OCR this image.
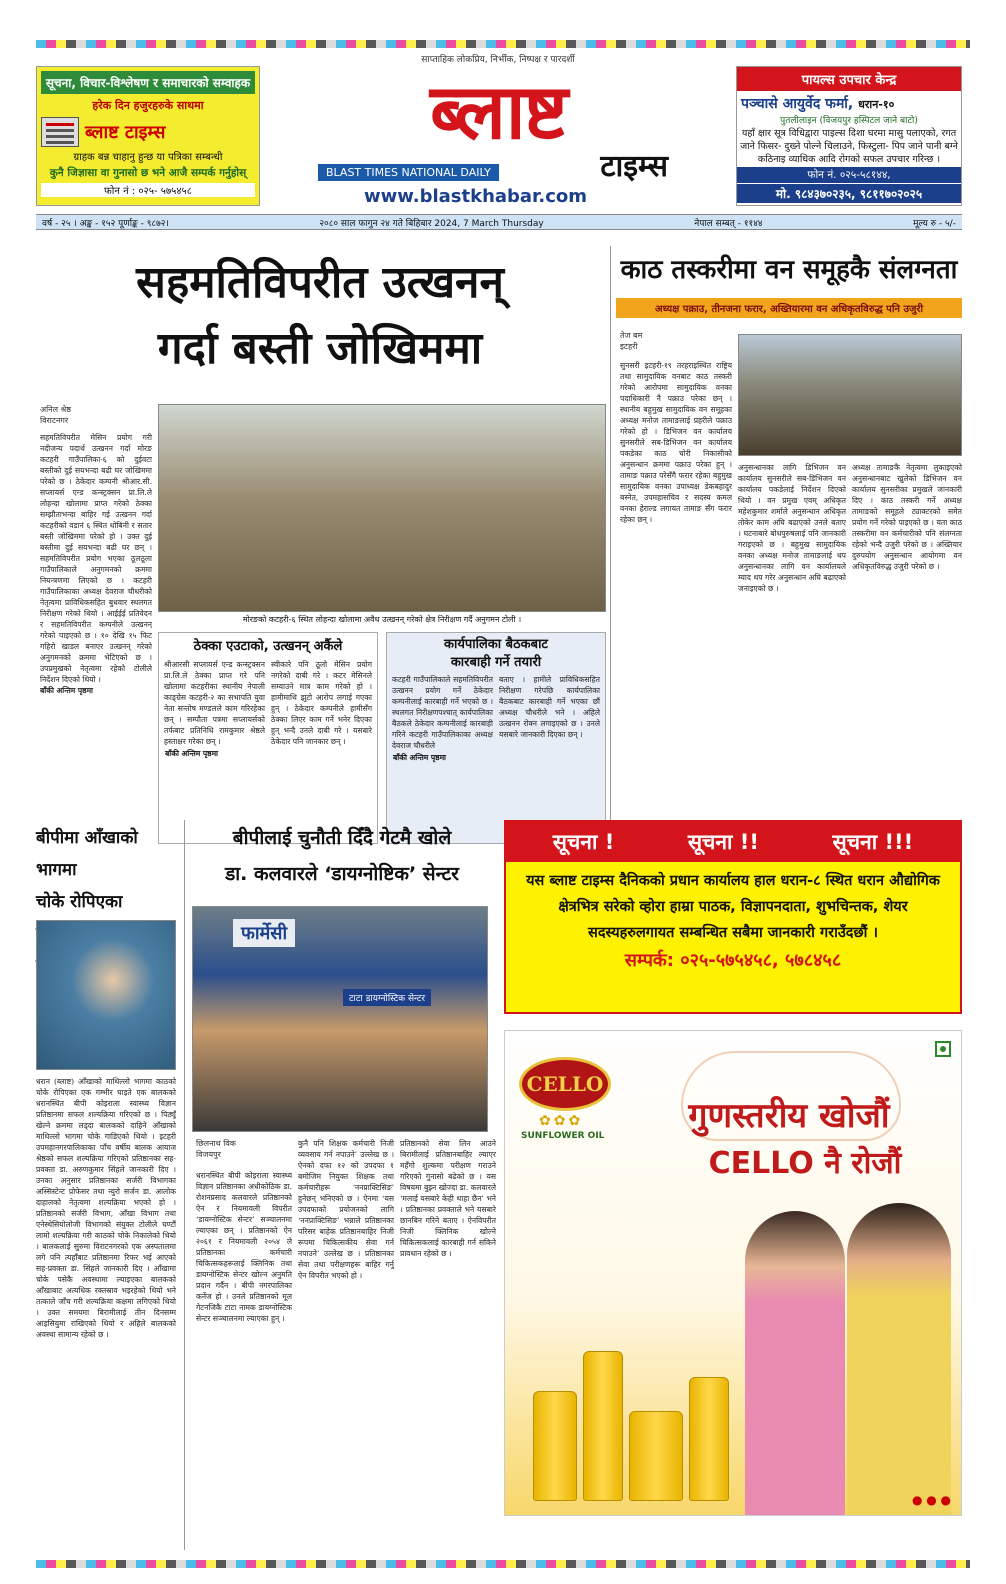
सूचना, विचार-विश्लेषण र समाचारको सम्वाहक
हरेक दिन हजुरहरुके साथमा
ब्लाष्ट टाइम्स
ग्राहक बन्न चाहानु हुन्छ या पत्रिका सम्बन्धी
कुनै जिज्ञासा वा गुनासो छ भने आजै सम्पर्क गर्नुहोस्
फोन नं : ०२५- ५७५४५८
साप्ताहिक लोकप्रिय, निर्भीक, निष्पक्ष र पारदर्शी
ब्लाष्ट
टाइम्स
BLAST TIMES NATIONAL DAILY
www.blastkhabar.com
पायल्स उपचार केन्द्र
पञ्चासे आयुर्वेद फर्मा, धरान-१०
पुतलीलाइन (विजयपुर हस्पिटल जाने बाटो)
यहाँ क्षार सूत्र विधिद्वारा पाइल्स दिशा घरमा मासु पलाएको, रगत जाने फिसर- दुख्ने पोल्ने चिलाउने, फिस्टुला- पिप जाने पानी बग्ने कठिनाइ व्याधिक आदि रोगको सफल उपचार गरिन्छ ।
फोन नं. ०२५-५८१४४,
मो. ९८४३७०२३५, ९८११७०२०२५
वर्ष - २५ । अङ्क - १५२ पूर्णाङ्क - ९८७२।	२०८० साल फागुन २४ गते बिहिबार 2024, 7 March Thursday	नेपाल सम्बत् - ११४४	मूल्य रु - ५/-
सहमतिविपरीत उत्खनन्
गर्दा बस्ती जोखिममा
अनिल श्रेष्ठ
विराटनगर

सहमतिविपरीत मेसिन प्रयोग गरी नदीजन्य पदार्थ उत्खनन गर्दा मोरङ कटहरी गाउँपालिका-६ को दुईवटा बस्तीको दुई सयभन्दा बढी घर जोखिममा परेको छ । ठेकेदार कम्पनी श्रीआर.सी. सप्लायर्स एन्ड कन्स्ट्रक्सन प्रा.लि.ले लोहन्दा खोलामा प्राप्त गरेको ठेक्का सम्झौताभन्दा बाहिर गई उत्खनन गर्दा कटहरीको वडानं ६ स्थित धोबिनी र सतार बस्ती जोखिममा परेको हो । उक्त दुई बस्तीमा दुई सयभन्दा बढी घर छन् । सहमतिविपरीत प्रयोग भएका ठूलठूला गाउँपालिकाले अनुगमनको क्रममा नियन्त्रणमा लिएको छ । कटहरी गाउँपालिकाका अध्यक्ष देवराज चौधरीको नेतृत्वमा प्राविधिकसहित बुधवार स्थलगत निरीक्षण गरेको थियो । आईईई प्रतिवेदन र सहमतिविपरीत कम्पनीले उत्खनन् गरेको पाइएको छ । १० देखि १५ फिट गहिरो खाडल बनाएर उत्खनन् गरेको अनुगमनको क्रममा भेटिएको छ । उपप्रमुखको नेतृत्वमा रहेको टोलीले निर्देशन दिएको थियो ।

बाँकी अन्तिम पृष्ठमा

मोरङको कटहरी-६ स्थित लोहन्दा खोलामा अवैध उत्खनन् गरेको क्षेत्र निरीक्षण गर्दै अनुगमन टोली ।
ठेक्का एउटाको, उत्खनन् अर्कैले
श्रीआरसी सप्लायर्स एन्ड कन्स्ट्रक्सन प्रा.लि.ले ठेक्का प्राप्त गरे पनि खोलामा कटहरीका स्थानीय नेपाली काङ्ग्रेस कटहरी-२ का सभापति युवा नेता सन्तोष मण्डलले काम गरिरहेका छन् । सम्पौता पत्रमा सप्लायर्सको तर्फबाट प्रतिनिधि रामकुमार श्रेष्ठले हस्ताक्षर गरेका छन् ।
स्वीकारे पनि ठूलो मेसिन प्रयोग नगरेको दाबी गरे । कटर मेसिनले सम्याउने मात्र काम गरेको हो । हामीमाथि झुटो आरोप लगाई गएका हुन् । ठेकेदार कम्पनीले हामीसँग ठेक्का लिएर काम गर्ने भनेर दिएका हुन् भन्दै उनले दाबी गरे । यसबारे ठेकेदार पनि जानकार छन् ।
बाँकी अन्तिम पृष्ठमा
कार्यपालिका बैठकबाट
कारबाही गर्ने तयारी
कटहरी गाउँपालिकाले सहमतिविपरीत उत्खनन प्रयोग गर्ने ठेकेदार कम्पनीलाई कारबाही गर्ने भएको छ । स्थलगत निरीक्षणपश्चात् कार्यपालिका बैठकले ठेकेदार कम्पनीलाई कारबाही गरिने कटहरी गाउँपालिकाका अध्यक्ष देवराज चौधरीले
बताए । हामीले प्राविधिकसहित निरीक्षण गरेपछि कार्यपालिका बैठकबाट कारबाही गर्ने भएका छौं अध्यक्ष चौधरीले भने । अहिले उत्खनन रोक्न लगाइएको छ । उनले यसबारे जानकारी दिएका छन् ।
बाँकी अन्तिम पृष्ठमा
काठ तस्करीमा वन समूहकै संलग्नता
अध्यक्ष पक्राउ, तीनजना फरार, अख्तियारमा वन अधिकृतविरुद्ध पनि उजुरी
तेज बम
इटहरी
सुनसरी इटहरी-१९ तरहराइस्थित राष्ट्रिय तथा सामुदायिक वनबाट काठ तस्करी गरेको आरोपमा सामुदायिक वनका पदाधिकारी नै पक्राउ परेका छन् । स्थानीय बहुमुख सामुदायिक वन समूहका अध्यक्ष मनोज तामाङलाई प्रहरीले पक्राउ गरेको हो । डिभिजन वन कार्यालय सुनसरीले सब-डिभिजन वन कार्यालय पकडेका काठ चोरी निकासीको अनुसन्धान क्रममा पक्राउ परेका हुन् । तामाङ पक्राउ परेसँगै फरार रहेका बहुमुख सामुदायिक वनका उपाध्यक्ष डेकबहादुर बस्नेत, उपमहासचिव र सदस्य कमल वनका हेराल्ड लगायत तामाङ सँग फरार रहेका छन् ।
अनुसन्धानका लागि डिभिजन वन कार्यालय सुनसरीले सब-डिभिजन वन कार्यालय पकडेलाई निर्देशन दिएको थियो । वन प्रमुख एवम् अधिकृत महेशकुमार शर्माले अनुसन्धान अधिकृत तोकेर काम अघि बढाएको उनले बताए । घटनाबारे बोधपुरुषलाई पनि जानकारी गराइएको छ । बहुमुख सामुदायिक वनका अध्यक्ष मनोज तामाङलाई थप अनुसन्धानका लागि वन कार्यालयले म्याद थप गरेर अनुसन्धान अघि बढाएको जनाइएको छ ।
अध्यक्ष तामाङकै नेतृत्वमा लुकाइएको अनुसन्धानबाट खुलेको डिभिजन वन कार्यालय सुनसरीका प्रमुखले जानकारी दिए । काठ तस्करी गर्ने अध्यक्ष तामाङको समूहले ट्याक्टरको समेत प्रयोग गर्ने गरेको पाइएको छ । यता काठ तस्करीमा वन कर्मचारीको पनि संलग्नता रहेको भन्दै उजुरी परेको छ । अख्तियार दुरुपयोग अनुसन्धान आयोगमा वन अधिकृतविरुद्ध उजुरी परेको छ ।
बीपीमा आँखाको भागमा
चोके रोपिएका
धरान (ब्लाष्ट) आँखाको माथिल्लो भागमा काठको चोके रोपिएका एक गम्भीर घाइते एक बालकको धरानस्थित बीपी कोइराला स्वास्थ्य विज्ञान प्रतिष्ठानमा सफल शल्यक्रिया गरिएको छ । पिठ्यूँ खेल्ने क्रममा लड्दा बालकको दाहिने आँखाको माथिल्लो भागमा चोके गाडिएको थियो । इटहरी उपमहानगरपालिकाका पाँच वर्षीय बालक आयाज श्रेष्ठको सफल शल्यक्रिया गरिएको प्रतिष्ठानका सह-प्रवक्ता डा. अरुणकुमार सिंहले जानकारी दिए । उनका अनुसार प्रतिष्ठानका सर्जरी विभागका अस्सिस्टेन्ट प्रोफेसर तथा न्युरो सर्जन डा. आलोक दाहालको नेतृत्वमा शल्यक्रिया भएको हो । प्रतिष्ठानको सर्जरी विभाग, आँखा विभाग तथा एनेस्थेसियोलोजी विभागको संयुक्त टोलीले घण्टौं लामो शल्यक्रिया गरी काठको चोके निकालेको थियो । बालकलाई सुरुमा विराटनगरको एक अस्पतालमा लगे पनि त्यहाँबाट प्रतिष्ठानमा रिफर भई आएको सह-प्रवक्ता डा. सिंहले जानकारी दिए । आँखामा चोके पसेकै अवस्थामा ल्याइएका बालकको आँखाबाट अत्यधिक रक्तस्राव भइरहेको थियो भने तत्काले जाँच गरी शल्यक्रिया कक्षमा लगिएको थियो । उक्त समयमा बिरामीलाई तीन दिनसम्म आइसियुमा राखिएको थियो र अहिले बालकको अवस्था सामान्य रहेको छ ।
बीपीलाई चुनौती दिँदै गेटमै खोले
डा. कलवारले ‘डायग्नोष्टिक’ सेन्टर
फार्मेसी
टाटा डायग्नोस्टिक सेन्टर
छिलनाथ विक
विजयपुर
धरानस्थित बीपी कोइराला स्वास्थ्य विज्ञान प्रतिष्ठानका अधीकोठिक डा. रोशनप्रसाद कलवारले प्रतिष्ठानको ऐन र नियमावली विपरीत ‘डायग्नोस्टिक सेन्टर’ सञ्चालनमा ल्याएका छन् । प्रतिष्ठानको ऐन २०६१ र नियमावली २०५४ ले प्रतिष्ठानका कर्मचारी चिकित्सकहरूलाई क्लिनिक तथा डायग्नोस्टिक सेन्टर खोल्न अनुमति प्रदान गर्दैन । बीपी नगरपालिका कर्नेज हो । उनले प्रतिष्ठानको मूल गेटनजिकै टाटा नामक डायग्नोस्टिक सेन्टर सञ्चालनमा ल्याएका हुन् ।
कुनै पनि शिक्षक कर्मचारी निजी व्यवसाय गर्न नपाउने’ उल्लेख छ । ऐनको दफा १२ को उपदफा १ बमोजिम नियुक्त शिक्षक तथा कर्मचारीहरू ‘ननप्राक्टिसिङ’ हुनेछन् भनिएको छ । ऐनमा ‘यस उपदफाको प्रयोजनको लागि ‘ननप्राक्टिसिङ’ भन्नाले प्रतिष्ठानका परिसर बाहेक प्रतिष्ठानबाहिर निजी रूपमा चिकित्सकीय सेवा गर्न नपाउने’ उल्लेख छ । प्रतिष्ठानका सेवा तथा परीक्षणहरू बाहिर गर्नु ऐन विपरीत भएको हो ।
प्रतिष्ठानको सेवा लिन आउने बिरामीलाई प्रतिष्ठानबाहिर ल्याएर महँगो शुल्कमा परीक्षण गराउने गरिएको गुनासो बढेको छ । यस विषयमा बुझ्न खोज्दा डा. कलवारले ‘मलाई यसबारे केही थाहा छैन’ भने । प्रतिष्ठानका प्रवक्ताले भने यसबारे छानबिन गरिने बताए । ऐनविपरीत निजी क्लिनिक खोल्ने चिकित्सकलाई कारबाही गर्न सकिने प्रावधान रहेको छ ।
सूचना !	सूचना !!	सूचना !!!
यस ब्लाष्ट टाइम्स दैनिकको प्रधान कार्यालय हाल धरान-८ स्थित धरान औद्योगिक क्षेत्रभित्र सरेको व्होरा हाम्रा पाठक, विज्ञापनदाता, शुभचिन्तक, शेयर सदस्यहरुलगायत सम्बन्धित सबैमा जानकारी गराउँदछौं ।
सम्पर्क: ०२५-५७५४५८, ५७८४५८
CELLO
✿✿✿
SUNFLOWER OIL	गुणस्तरीय खोजौं
CELLO नै रोजौं
● ● ●
